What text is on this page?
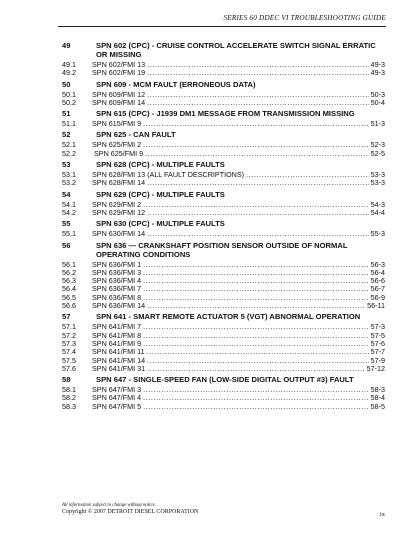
SERIES 60 DDEC VI TROUBLESHOOTING GUIDE
49	SPN 602 (CPC) - CRUISE CONTROL ACCELERATE SWITCH SIGNAL ERRATIC OR MISSING
49.1	SPN 602/FMI 13 .....	49-3
49.2	SPN 602/FMI 19 .....	49-3
50	SPN 609 - MCM FAULT (ERRONEOUS DATA)
50.1	SPN 609/FMI 12 .....	50-3
50.2	SPN 609/FMI 14 .....	50-4
51	SPN 615 (CPC) - J1939 DM1 MESSAGE FROM TRANSMISSION MISSING
51.1	SPN 615/FMI 9 .....	51-3
52	SPN 625 - CAN FAULT
52.1	SPN 625/FMI 2 .....	52-3
52.2	SPN 625/FMI 9 .....	52-5
53	SPN 628 (CPC) - MULTIPLE FAULTS
53.1	SPN 628/FMI 13 (ALL FAULT DESCRIPTIONS) .....	53-3
53.2	SPN 628/FMI 14 .....	53-3
54	SPN 629 (CPC) - MULTIPLE FAULTS
54.1	SPN 629/FMI 2 .....	54-3
54.2	SPN 629/FMI 12 .....	54-4
55	SPN 630 (CPC) - MULTIPLE FAULTS
55.1	SPN 630/FMI 14 .....	55-3
56	SPN 636 — CRANKSHAFT POSITION SENSOR OUTSIDE OF NORMAL OPERATING CONDITIONS
56.1	SPN 636/FMI 1 .....	56-3
56.2	SPN 636/FMI 3 .....	56-4
56.3	SPN 636/FMI 4 .....	56-6
56.4	SPN 636/FMI 7 .....	56-7
56.5	SPN 636/FMI 8 .....	56-9
56.6	SPN 636/FMI 14 .....	56-11
57	SPN 641 - SMART REMOTE ACTUATOR 5 (VGT) ABNORMAL OPERATION
57.1	SPN 641/FMI 7 .....	57-3
57.2	SPN 641/FMI 8 .....	57-5
57.3	SPN 641/FMI 9 .....	57-6
57.4	SPN 641/FMI 11 .....	57-7
57.5	SPN 641/FMI 14 .....	57-9
57.6	SPN 641/FMI 31 .....	57-12
58	SPN 647 - SINGLE-SPEED FAN (LOW-SIDE DIGITAL OUTPUT #3) FAULT
58.1	SPN 647/FMI 3 .....	58-3
58.2	SPN 647/FMI 4 .....	58-4
58.3	SPN 647/FMI 5 .....	58-5
All information subject to change without notice.
Copyright © 2007 DETROIT DIESEL CORPORATION	ix
